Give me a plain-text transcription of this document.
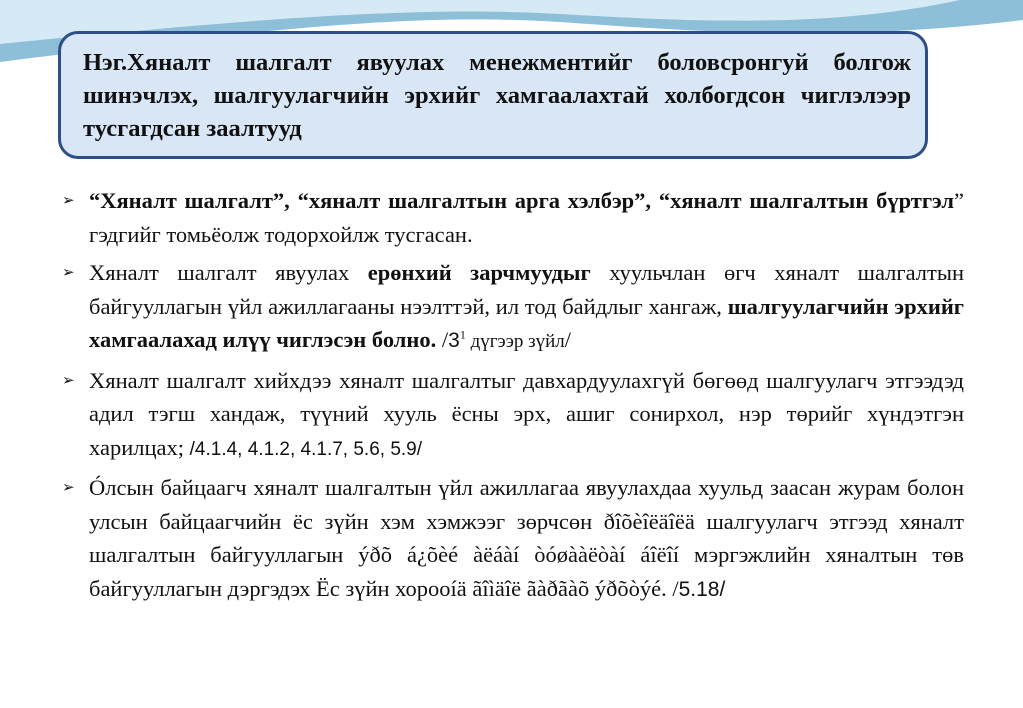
Нэг.Хяналт шалгалт явуулах менежментийг боловсронгуй болгож шинэчлэх, шалгуулагчийн эрхийг хамгаалахтай холбогдсон чиглэлээр тусгагдсан заалтууд
➢ “Хяналт шалгалт”, “хяналт шалгалтын арга хэлбэр”, “хяналт шалгалтын бүртгэл” гэдгийг томьёолж тодорхойлж тусгасан.
➢ Хяналт шалгалт явуулах ерөнхий зарчмуудыг хуульчлан өгч хяналт шалгалтын байгууллагын үйл ажиллагааны нээлттэй, ил тод байдлыг хангаж, шалгуулагчийн эрхийг хамгаалахад илүү чиглэсэн болно. $/3^1$ дүгээр зүйл/
➢ Хяналт шалгалт хийхдээ хяналт шалгалтыг давхардуулахгүй бөгөөд шалгуулагч этгээдэд адил тэгш хандаж, түүний хууль ёсны эрх, ашиг сонирхол, нэр төрийг хүндэтгэн харилцах; /4.1.4, 4.1.2, 4.1.7, 5.6, 5.9/
➢ Óлсын байцаагч хяналт шалгалтын үйл ажиллагаа явуулахдаа хуульд заасан журам болон улсын байцаагчийн ёс зүйн хэм хэмжээг зөрчсөн ðîõèîëäîëä шалгуулагч этгээд хяналт шалгалтын байгууллагын ýðõ á¿õèé àëáàí òóøààëòàí áîëîí мэргэжлийн хяналтын төв байгууллагын дэргэдэх Ёс зүйн хорооíä ãîìäîë ãàðãàõ ýðõòýé. /5.18/
